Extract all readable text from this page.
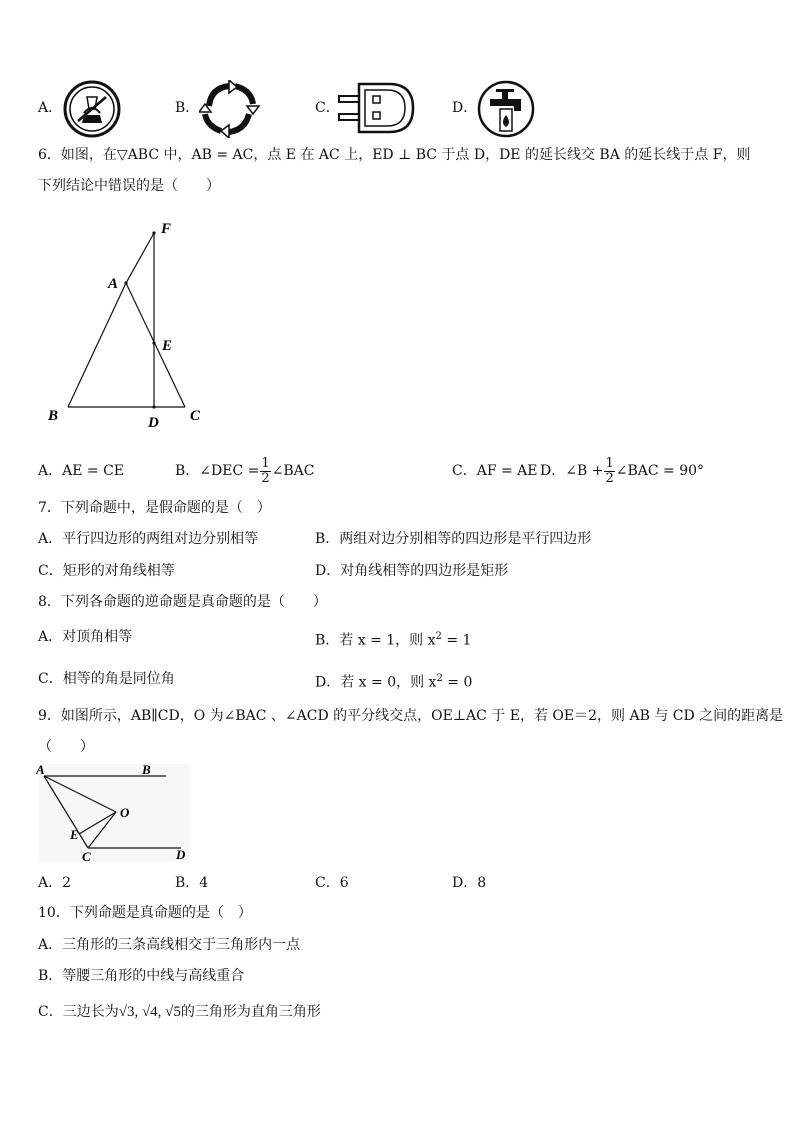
A．	B．	C．	D．
6．如图，在▽ABC 中，AB = AC，点 E 在 AC 上，ED ⊥ BC 于点 D，DE 的延长线交 BA 的延长线于点 F，则
下列结论中错误的是（　　）
F
A
E
B	D C
A．AE = CE	B．∠DEC = $\frac{1}{2}$ ∠BAC	C．AF = AE D．∠B + $\frac{1}{2}$ ∠BAC = 90°
7．下列命题中，是假命题的是（　）
A．平行四边形的两组对边分别相等	B．两组对边分别相等的四边形是平行四边形
C．矩形的对角线相等	D．对角线相等的四边形是矩形
8．下列各命题的逆命题是真命题的是（　　）
A．对顶角相等	B．若 x = 1，则 $x^2 = 1$
C．相等的角是同位角	D．若 x = 0，则 $x^2 = 0$
9．如图所示，AB∥CD，O 为∠BAC 、∠ACD 的平分线交点，OE⊥AC 于 E，若 OE＝2，则 AB 与 CD 之间的距离是
（　　）
A	B
O
E
C	D
A．2	B．4	C．6	D．8
10．下列命题是真命题的是（　）
A．三角形的三条高线相交于三角形内一点
B．等腰三角形的中线与高线重合
C．三边长为√3, √4, √5的三角形为直角三角形
